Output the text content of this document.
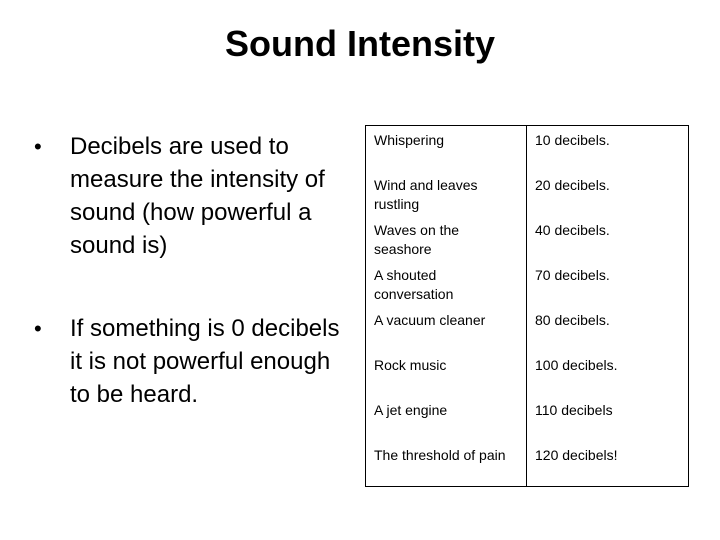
Sound Intensity
•	Decibels are used to measure the intensity of sound (how powerful a sound is)
•	If something is 0 decibels it is not powerful enough to be heard.
Whispering	10 decibels.
Wind and leaves rustling	20 decibels.
Waves on the seashore	40 decibels.
A shouted conversation	70 decibels.
A vacuum cleaner	80 decibels.
Rock music	100 decibels.
A jet engine	110 decibels
The threshold of pain	120 decibels!
